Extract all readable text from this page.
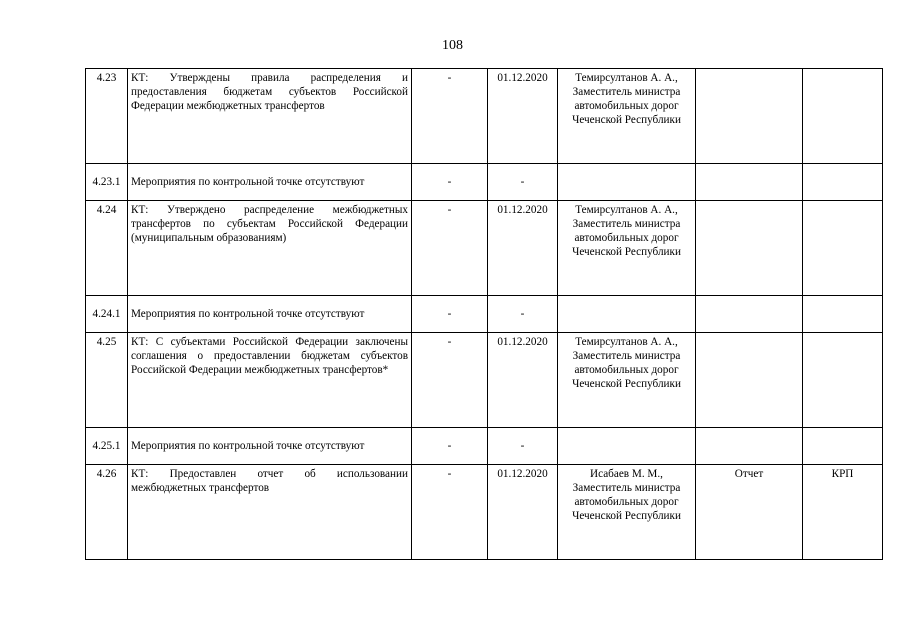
108
4.23	КТ: Утверждены правила распределения и предоставления бюджетам субъектов Российской Федерации межбюджетных трансфертов	-	01.12.2020	Темирсултанов А. А., Заместитель министра автомобильных дорог Чеченской Республики		
4.23.1	Мероприятия по контрольной точке отсутствуют	-	-			
4.24	КТ: Утверждено распределение межбюджетных трансфертов по субъектам Российской Федерации (муниципальным образованиям)	-	01.12.2020	Темирсултанов А. А., Заместитель министра автомобильных дорог Чеченской Республики		
4.24.1	Мероприятия по контрольной точке отсутствуют	-	-			
4.25	КТ: С субъектами Российской Федерации заключены соглашения о предоставлении бюджетам субъектов Российской Федерации межбюджетных трансфертов*	-	01.12.2020	Темирсултанов А. А., Заместитель министра автомобильных дорог Чеченской Республики		
4.25.1	Мероприятия по контрольной точке отсутствуют	-	-			
4.26	КТ: Предоставлен отчет об использовании межбюджетных трансфертов	-	01.12.2020	Исабаев М. М., Заместитель министра автомобильных дорог Чеченской Республики	Отчет	КРП
